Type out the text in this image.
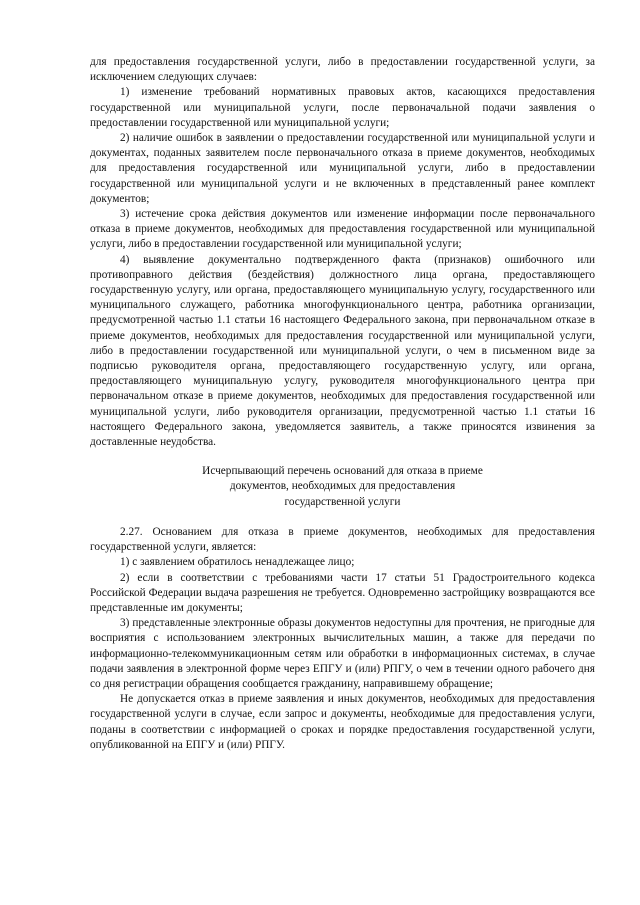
для предоставления государственной услуги, либо в предоставлении государственной услуги, за исключением следующих случаев:

1) изменение требований нормативных правовых актов, касающихся предоставления государственной или муниципальной услуги, после первоначальной подачи заявления о предоставлении государственной или муниципальной услуги;

2) наличие ошибок в заявлении о предоставлении государственной или муниципальной услуги и документах, поданных заявителем после первоначального отказа в приеме документов, необходимых для предоставления государственной или муниципальной услуги, либо в предоставлении государственной или муниципальной услуги и не включенных в представленный ранее комплект документов;

3) истечение срока действия документов или изменение информации после первоначального отказа в приеме документов, необходимых для предоставления государственной или муниципальной услуги, либо в предоставлении государственной или муниципальной услуги;

4) выявление документально подтвержденного факта (признаков) ошибочного или противоправного действия (бездействия) должностного лица органа, предоставляющего государственную услугу, или органа, предоставляющего муниципальную услугу, государственного или муниципального служащего, работника многофункционального центра, работника организации, предусмотренной частью 1.1 статьи 16 настоящего Федерального закона, при первоначальном отказе в приеме документов, необходимых для предоставления государственной или муниципальной услуги, либо в предоставлении государственной или муниципальной услуги, о чем в письменном виде за подписью руководителя органа, предоставляющего государственную услугу, или органа, предоставляющего муниципальную услугу, руководителя многофункционального центра при первоначальном отказе в приеме документов, необходимых для предоставления государственной или муниципальной услуги, либо руководителя организации, предусмотренной частью 1.1 статьи 16 настоящего Федерального закона, уведомляется заявитель, а также приносятся извинения за доставленные неудобства.

Исчерпывающий перечень оснований для отказа в приеме
документов, необходимых для предоставления
государственной услуги

2.27. Основанием для отказа в приеме документов, необходимых для предоставления государственной услуги, является:

1) с заявлением обратилось ненадлежащее лицо;

2) если в соответствии с требованиями части 17 статьи 51 Градостроительного кодекса Российской Федерации выдача разрешения не требуется. Одновременно застройщику возвращаются все представленные им документы;

3) представленные электронные образы документов недоступны для прочтения, не пригодные для восприятия с использованием электронных вычислительных машин, а также для передачи по информационно-телекоммуникационным сетям или обработки в информационных системах, в случае подачи заявления в электронной форме через ЕПГУ и (или) РПГУ, о чем в течении одного рабочего дня со дня регистрации обращения сообщается гражданину, направившему обращение;

Не допускается отказ в приеме заявления и иных документов, необходимых для предоставления государственной услуги в случае, если запрос и документы, необходимые для предоставления услуги, поданы в соответствии с информацией о сроках и порядке предоставления государственной услуги, опубликованной на ЕПГУ и (или) РПГУ.
